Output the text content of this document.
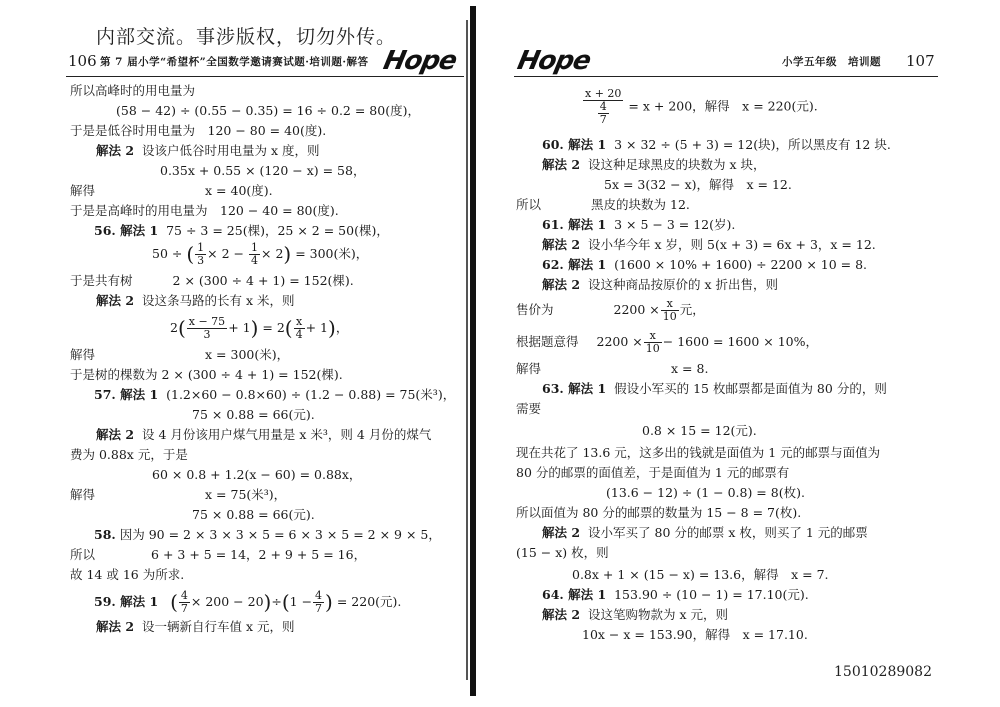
内部交流。事涉版权，切勿外传。
106 第 7 届小学“希望杯”全国数学邀请赛试题·培训题·解答 Hope
所以高峰时的用电量为
(58 − 42) ÷ (0.55 − 0.35) = 16 ÷ 0.2 = 80(度)，
于是是低谷时用电量为　120 − 80 = 40(度).
解法 2 设该户低谷时用电量为 x 度，则
0.35x + 0.55 × (120 − x) = 58，
解得	x = 40(度).
于是是高峰时的用电量为　120 − 40 = 80(度).
56. 解法 1 75 ÷ 3 = 25(棵)，25 × 2 = 50(棵)，
50 ÷ ( $\frac{1}{3} \times 2 - \frac{1}{4} \times 2) = 300$(米)，
于是共有树	2 × (300 ÷ 4 + 1) = 152(棵).
解法 2 设这条马路的长有 x 米，则
$2( \frac{x - 75}{3} + 1) = 2( \frac{x}{4} + 1)$，
解得	x = 300(米)，
于是树的棵数为 2 × (300 ÷ 4 + 1) = 152(棵).
57. 解法 1 (1.2×60 − 0.8×60) ÷ (1.2 − 0.88) = 75(米³)，
75 × 0.88 = 66(元).
解法 2 设 4 月份该用户煤气用量是 x 米³，则 4 月份的煤气
费为 0.88x 元，于是
60 × 0.8 + 1.2(x − 60) = 0.88x，
解得	x = 75(米³)，
75 × 0.88 = 66(元).
58. 因为 90 = 2 × 3 × 3 × 5 = 6 × 3 × 5 = 2 × 9 × 5，
所以	6 + 3 + 5 = 14，2 + 9 + 5 = 16，
故 14 或 16 为所求.
59. 解法 1 ( $\frac{4}{7} \times 200 - 20)\div(1 - \frac{4}{7}$ ) = 220(元).
解法 2 设一辆新自行车值 x 元，则
Hope	小学五年级　培训题 107
$\frac{x + 20}{\frac{4}{7}} = x + 200$，解得　x = 220(元).
60. 解法 1 3 × 32 ÷ (5 + 3) = 12(块)，所以黑皮有 12 块.
解法 2 设这种足球黑皮的块数为 x 块，
5x = 3(32 − x)，解得　x = 12.
所以	黑皮的块数为 12.
61. 解法 1 3 × 5 − 3 = 12(岁).
解法 2 设小华今年 x 岁，则 5(x + 3) = 6x + 3，x = 12.
62. 解法 1 (1600 × 10% + 1600) ÷ 2200 × 10 = 8.
解法 2 设这种商品按原价的 x 折出售，则
售价为	$2200 \times \frac{x}{10}$ 元，
根据题意得 $2200 \times \frac{x}{10} - 1600 = 1600 \times 10\%$，
解得	x = 8.
63. 解法 1 假设小军买的 15 枚邮票都是面值为 80 分的，则
需要
0.8 × 15 = 12(元).
现在共花了 13.6 元，这多出的钱就是面值为 1 元的邮票与面值为
80 分的邮票的面值差，于是面值为 1 元的邮票有
(13.6 − 12) ÷ (1 − 0.8) = 8(枚).
所以面值为 80 分的邮票的数量为 15 − 8 = 7(枚).
解法 2 设小军买了 80 分的邮票 x 枚，则买了 1 元的邮票
(15 − x) 枚，则
0.8x + 1 × (15 − x) = 13.6，解得　x = 7.
64. 解法 1 153.90 ÷ (10 − 1) = 17.10(元).
解法 2 设这笔购物款为 x 元，则
10x − x = 153.90，解得　x = 17.10.
15010289082
